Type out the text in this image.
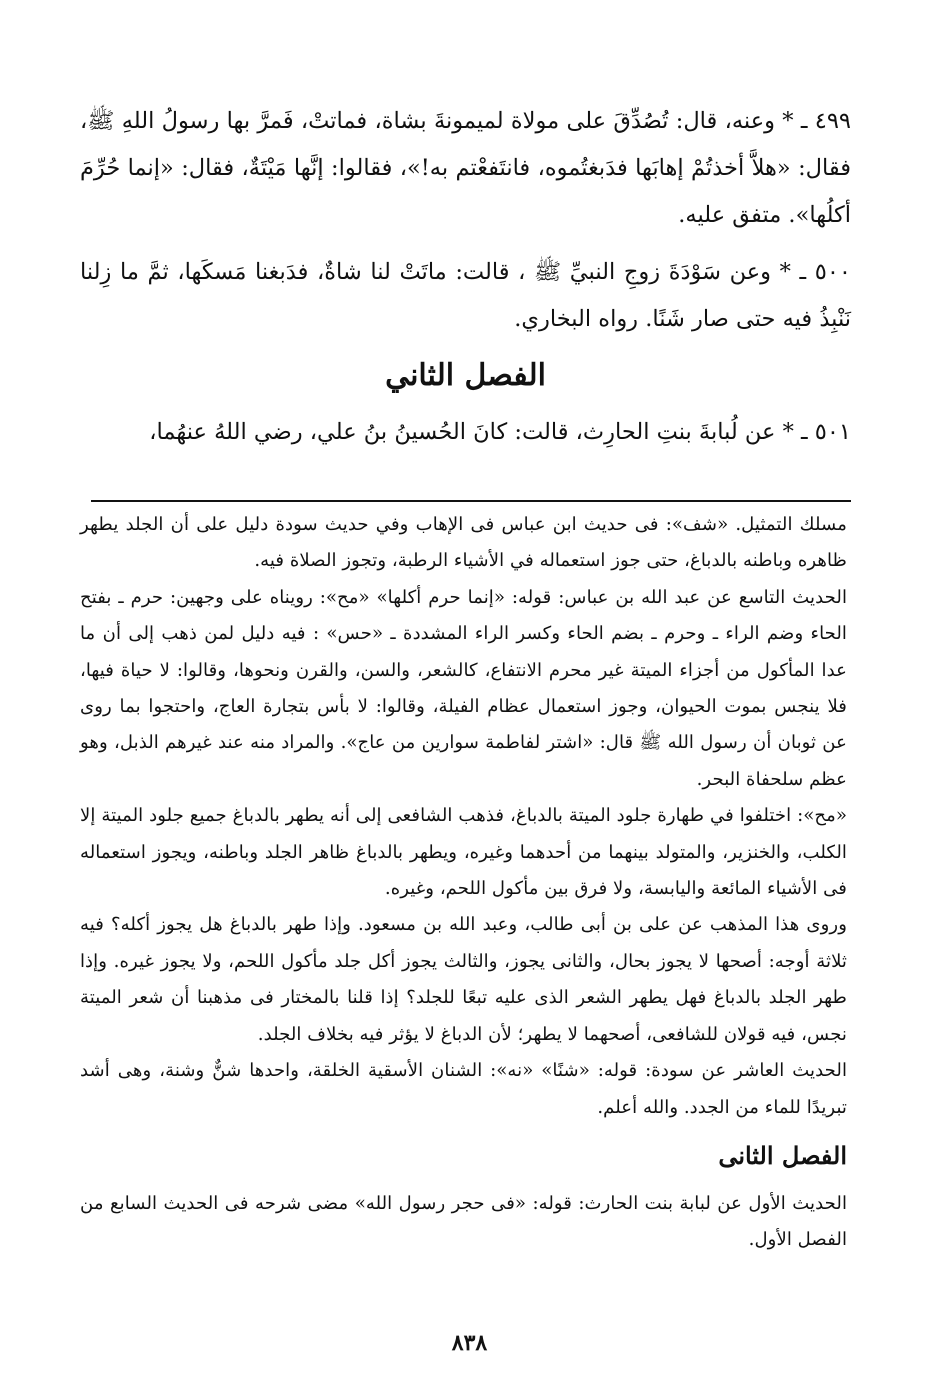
٤٩٩ ـ * وعنه، قال: تُصُدِّقَ على مولاة لميمونةَ بشاة، فماتتْ، فَمرَّ بها رسولُ اللهِ ﷺ، فقال: «هلاَّ أخذتُمْ إهابَها فدَبغتُموه، فانتَفعْتم به!»، فقالوا: إنَّها مَيْتَةٌ، فقال: «إنما حُرِّمَ أكلُها». متفق عليه.

٥٠٠ ـ * وعن سَوْدَةَ زوجِ النبيِّ ﷺ ، قالت: ماتَتْ لنا شاةٌ، فدَبغنا مَسكَها، ثمَّ ما زِلنا نَنْبِذُ فيه حتى صار شَنًا. رواه البخاري.

الفصل الثاني

٥٠١ ـ * عن لُبابةَ بنتِ الحارِث، قالت: كانَ الحُسينُ بنُ علي، رضي اللهُ عنهُما،

مسلك التمثيل. «شف»: فى حديث ابن عباس فى الإهاب وفي حديث سودة دليل على أن الجلد يطهر ظاهره وباطنه بالدباغ، حتى جوز استعماله في الأشياء الرطبة، وتجوز الصلاة فيه.

الحديث التاسع عن عبد الله بن عباس: قوله: «إنما حرم أكلها» «مح»: رويناه على وجهين: حرم ـ بفتح الحاء وضم الراء ـ وحرم ـ بضم الحاء وكسر الراء المشددة ـ «حس» : فيه دليل لمن ذهب إلى أن ما عدا المأكول من أجزاء الميتة غير محرم الانتفاع، كالشعر، والسن، والقرن ونحوها، وقالوا: لا حياة فيها، فلا ينجس بموت الحيوان، وجوز استعمال عظام الفيلة، وقالوا: لا بأس بتجارة العاج، واحتجوا بما روى عن ثوبان أن رسول الله ﷺ قال: «اشتر لفاطمة سوارين من عاج». والمراد منه عند غيرهم الذبل، وهو عظم سلحفاة البحر.

«مح»: اختلفوا في طهارة جلود الميتة بالدباغ، فذهب الشافعى إلى أنه يطهر بالدباغ جميع جلود الميتة إلا الكلب، والخنزير، والمتولد بينهما من أحدهما وغيره، ويطهر بالدباغ ظاهر الجلد وباطنه، ويجوز استعماله فى الأشياء المائعة واليابسة، ولا فرق بين مأكول اللحم، وغيره.

وروى هذا المذهب عن على بن أبى طالب، وعبد الله بن مسعود. وإذا طهر بالدباغ هل يجوز أكله؟ فيه ثلاثة أوجه: أصحها لا يجوز بحال، والثانى يجوز، والثالث يجوز أكل جلد مأكول اللحم، ولا يجوز غيره. وإذا طهر الجلد بالدباغ فهل يطهر الشعر الذى عليه تبعًا للجلد؟ إذا قلنا بالمختار فى مذهبنا أن شعر الميتة نجس، فيه قولان للشافعى، أصحهما لا يطهر؛ لأن الدباغ لا يؤثر فيه بخلاف الجلد.

الحديث العاشر عن سودة: قوله: «شنًا» «نه»: الشنان الأسقية الخلقة، واحدها شنٌّ وشنة، وهى أشد تبريدًا للماء من الجدد. والله أعلم.

الفصل الثانى

الحديث الأول عن لبابة بنت الحارث: قوله: «فى حجر رسول الله» مضى شرحه فى الحديث السابع من الفصل الأول.

٨٣٨
